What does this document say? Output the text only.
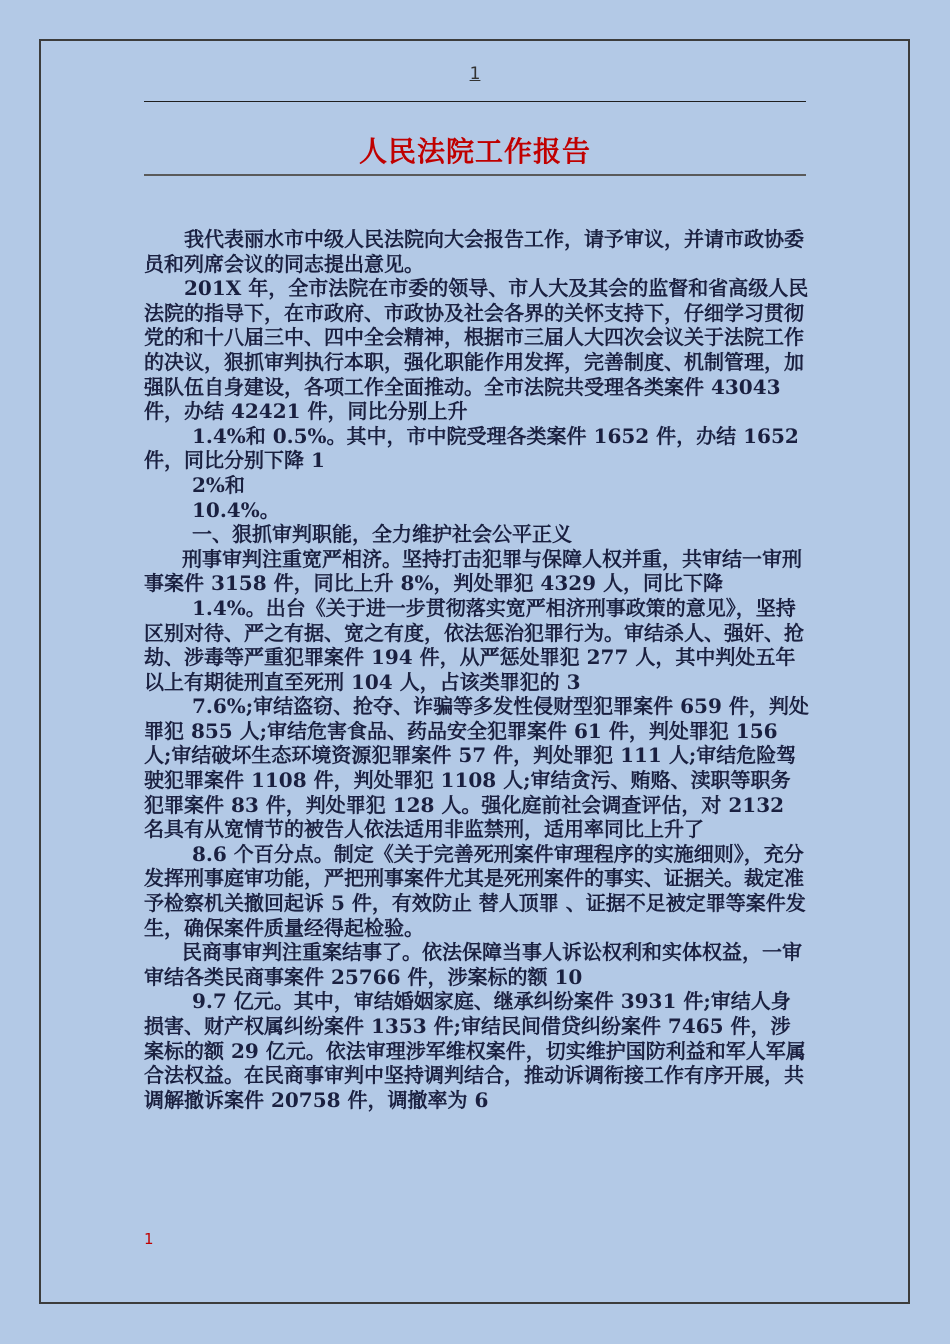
1
人民法院工作报告

我代表丽水市中级人民法院向大会报告工作，请予审议，并请市政协委员和列席会议的同志提出意见。

201X 年，全市法院在市委的领导、市人大及其会的监督和省高级人民法院的指导下，在市政府、市政协及社会各界的关怀支持下，仔细学习贯彻党的和十八届三中、四中全会精神，根据市三届人大四次会议关于法院工作的决议，狠抓审判执行本职，强化职能作用发挥，完善制度、机制管理，加强队伍自身建设，各项工作全面推动。全市法院共受理各类案件 43043 件，办结 42421 件，同比分别上升

1.4%和 0.5%。其中，市中院受理各类案件 1652 件，办结 1652 件，同比分别下降 1

2%和

10.4%。

一、狠抓审判职能，全力维护社会公平正义

刑事审判注重宽严相济。坚持打击犯罪与保障人权并重，共审结一审刑事案件 3158 件，同比上升 8%，判处罪犯 4329 人，同比下降

1.4%。出台《关于进一步贯彻落实宽严相济刑事政策的意见》，坚持区别对待、严之有据、宽之有度，依法惩治犯罪行为。审结杀人、强奸、抢劫、涉毒等严重犯罪案件 194 件，从严惩处罪犯 277 人，其中判处五年以上有期徒刑直至死刑 104 人，占该类罪犯的 3

7.6%;审结盗窃、抢夺、诈骗等多发性侵财型犯罪案件 659 件，判处罪犯 855 人;审结危害食品、药品安全犯罪案件 61 件，判处罪犯 156 人;审结破坏生态环境资源犯罪案件 57 件，判处罪犯 111 人;审结危险驾驶犯罪案件 1108 件，判处罪犯 1108 人;审结贪污、贿赂、渎职等职务犯罪案件 83 件，判处罪犯 128 人。强化庭前社会调查评估，对 2132 名具有从宽情节的被告人依法适用非监禁刑，适用率同比上升了

8.6 个百分点。制定《关于完善死刑案件审理程序的实施细则》，充分发挥刑事庭审功能，严把刑事案件尤其是死刑案件的事实、证据关。裁定准予检察机关撤回起诉 5 件，有效防止 替人顶罪 、证据不足被定罪等案件发生，确保案件质量经得起检验。

民商事审判注重案结事了。依法保障当事人诉讼权利和实体权益，一审审结各类民商事案件 25766 件，涉案标的额 10

9.7 亿元。其中，审结婚姻家庭、继承纠纷案件 3931 件;审结人身损害、财产权属纠纷案件 1353 件;审结民间借贷纠纷案件 7465 件，涉案标的额 29 亿元。依法审理涉军维权案件，切实维护国防利益和军人军属合法权益。在民商事审判中坚持调判结合，推动诉调衔接工作有序开展，共调解撤诉案件 20758 件，调撤率为 6

1
